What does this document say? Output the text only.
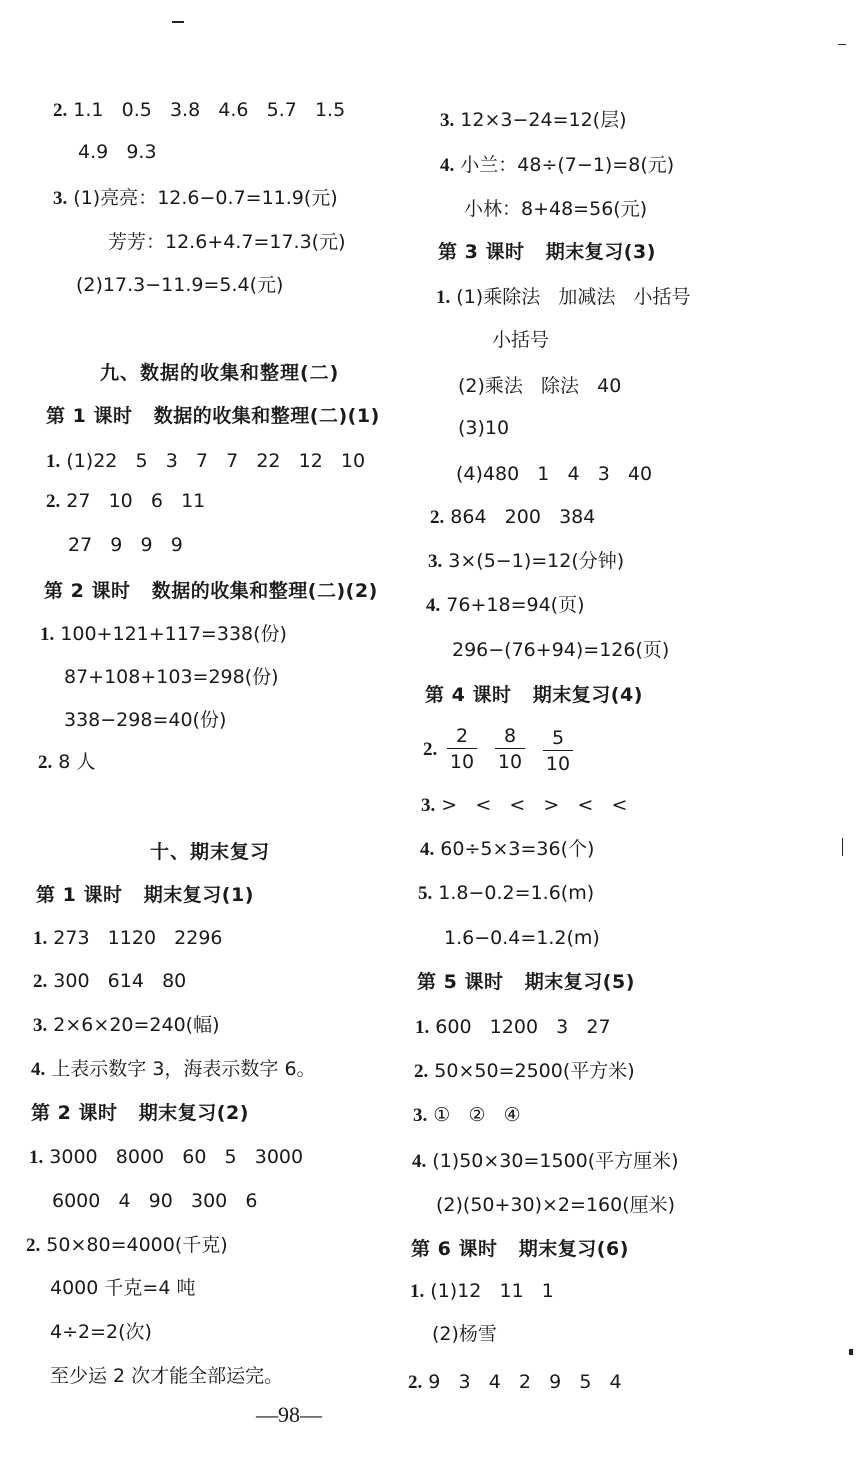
2. 1.1   0.5   3.8   4.6   5.7   1.5
4.9   9.3
3. (1)亮亮：12.6−0.7=11.9(元)
芳芳：12.6+4.7=17.3(元)
(2)17.3−11.9=5.4(元)
九、数据的收集和整理(二)
第 1 课时   数据的收集和整理(二)(1)
1. (1)22   5   3   7   7   22   12   10
2. 27   10   6   11
27   9   9   9
第 2 课时   数据的收集和整理(二)(2)
1. 100+121+117=338(份)
87+108+103=298(份)
338−298=40(份)
2. 8 人
十、期末复习
第 1 课时   期末复习(1)
1. 273   1120   2296
2. 300   614   80
3. 2×6×20=240(幅)
4. 上表示数字 3，海表示数字 6。
第 2 课时   期末复习(2)
1. 3000   8000   60   5   3000
6000   4   90   300   6
2. 50×80=4000(千克)
4000 千克=4 吨
4÷2=2(次)
至少运 2 次才能全部运完。
3. 12×3−24=12(层)
4. 小兰：48÷(7−1)=8(元)
小林：8+48=56(元)
第 3 课时   期末复习(3)
1. (1)乘除法   加减法   小括号
小括号
(2)乘法   除法   40
(3)10
(4)480   1   4   3   40
2. 864   200   384
3. 3×(5−1)=12(分钟)
4. 76+18=94(页)
296−(76+94)=126(页)
第 4 课时   期末复习(4)
2. $\frac{2}{10} \frac{8}{10} \frac{5}{10}$
3. >   <   <   >   <   <
4. 60÷5×3=36(个)
5. 1.8−0.2=1.6(m)
1.6−0.4=1.2(m)
第 5 课时   期末复习(5)
1. 600   1200   3   27
2. 50×50=2500(平方米)
3. ①   ②   ④
4. (1)50×30=1500(平方厘米)
(2)(50+30)×2=160(厘米)
第 6 课时   期末复习(6)
1. (1)12   11   1
(2)杨雪
2. 9   3   4   2   9   5   4
—98—
